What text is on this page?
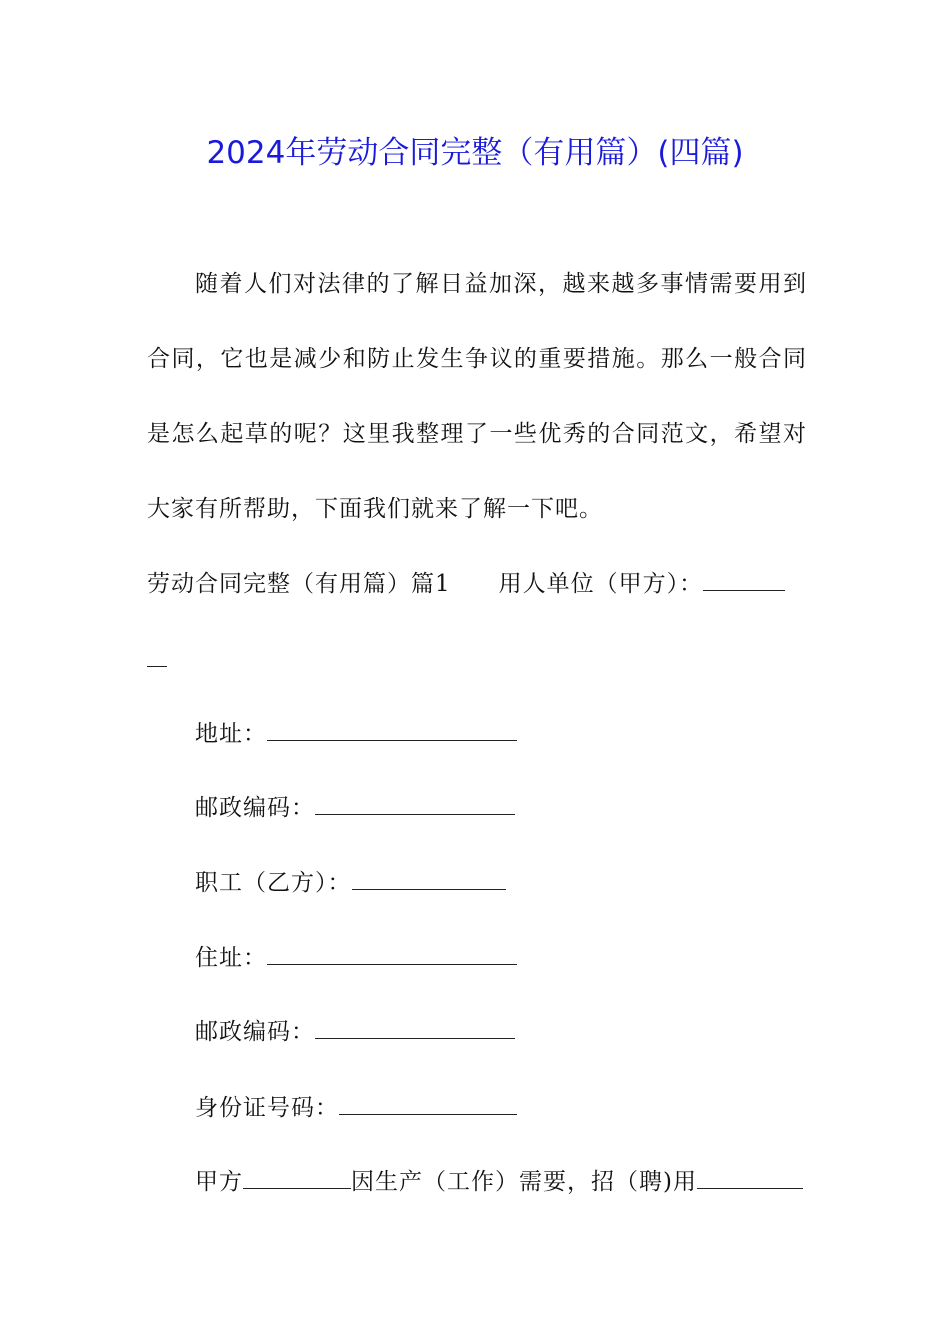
2024年劳动合同完整（有用篇）(四篇)
随着人们对法律的了解日益加深，越来越多事情需要用到
合同，它也是减少和防止发生争议的重要措施。那么一般合同
是怎么起草的呢？这里我整理了一些优秀的合同范文，希望对
大家有所帮助，下面我们就来了解一下吧。
劳动合同完整（有用篇）篇1 用人单位（甲方）：
地址：
邮政编码：
职工（乙方）：
住址：
邮政编码：
身份证号码：
甲方	因生产（工作）需要，招（聘)用
